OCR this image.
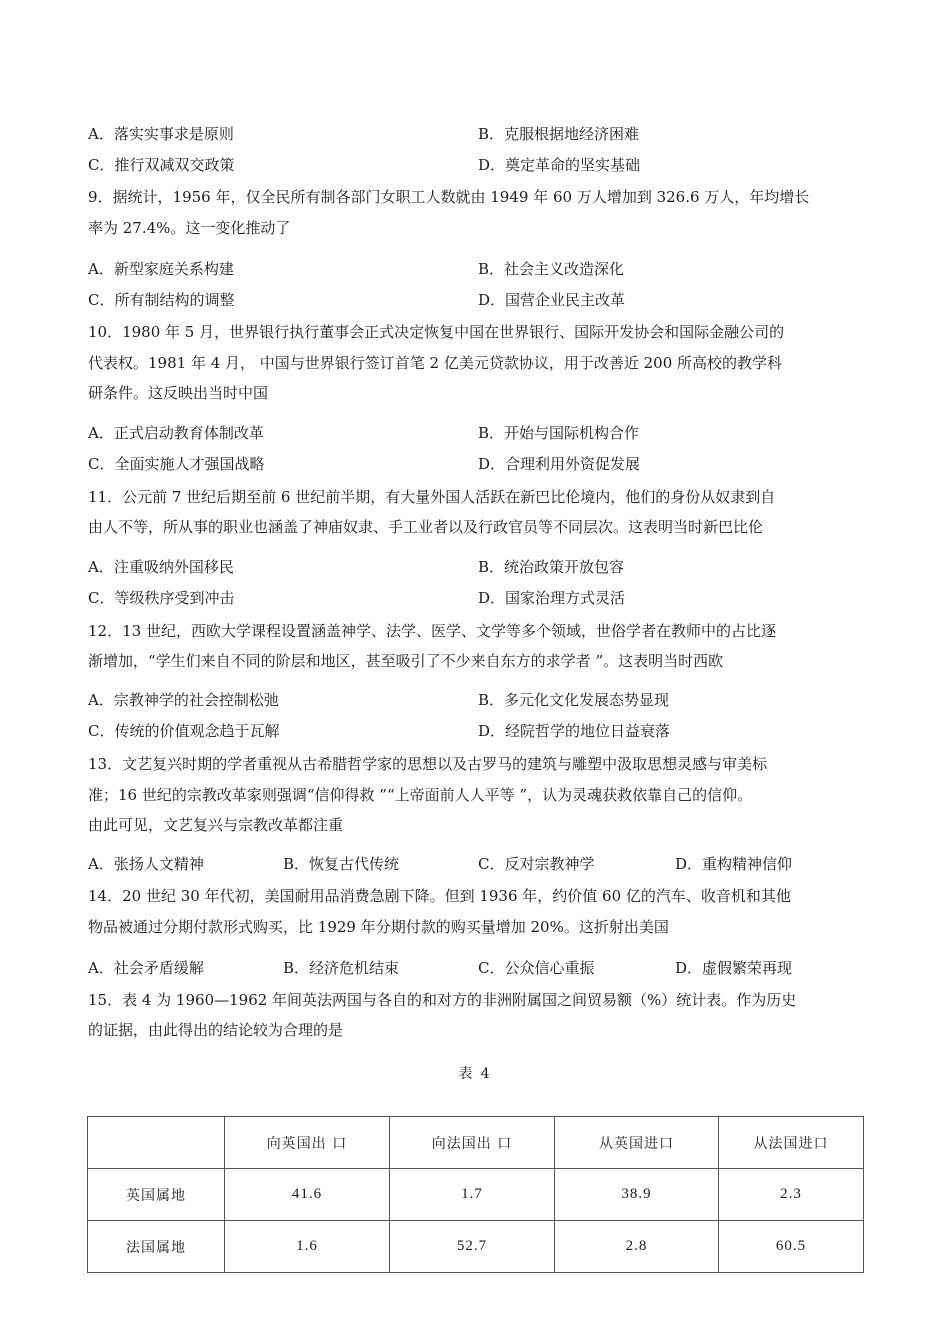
A．落实实事求是原则	B．克服根据地经济困难
C．推行双减双交政策	D．奠定革命的坚实基础
9．据统计，1956 年，仅全民所有制各部门女职工人数就由 1949 年 60 万人增加到 326.6 万人，年均增长
率为 27.4%。这一变化推动了
A．新型家庭关系构建	B．社会主义改造深化
C．所有制结构的调整	D．国营企业民主改革
10．1980 年 5 月，世界银行执行董事会正式决定恢复中国在世界银行、国际开发协会和国际金融公司的
代表权。1981 年 4 月， 中国与世界银行签订首笔 2 亿美元贷款协议，用于改善近 200 所高校的教学科
研条件。这反映出当时中国
A．正式启动教育体制改革	B．开始与国际机构合作
C．全面实施人才强国战略	D．合理利用外资促发展
11．公元前 7 世纪后期至前 6 世纪前半期，有大量外国人活跃在新巴比伦境内，他们的身份从奴隶到自
由人不等，所从事的职业也涵盖了神庙奴隶、手工业者以及行政官员等不同层次。这表明当时新巴比伦
A．注重吸纳外国移民	B．统治政策开放包容
C．等级秩序受到冲击	D．国家治理方式灵活
12．13 世纪，西欧大学课程设置涵盖神学、法学、医学、文学等多个领域，世俗学者在教师中的占比逐
渐增加，“学生们来自不同的阶层和地区，甚至吸引了不少来自东方的求学者 ”。这表明当时西欧
A．宗教神学的社会控制松弛	B．多元化文化发展态势显现
C．传统的价值观念趋于瓦解	D．经院哲学的地位日益衰落
13．文艺复兴时期的学者重视从古希腊哲学家的思想以及古罗马的建筑与雕塑中汲取思想灵感与审美标
准；16 世纪的宗教改革家则强调“信仰得救 ”“上帝面前人人平等 ”，认为灵魂获救依靠自己的信仰。
由此可见，文艺复兴与宗教改革都注重
A．张扬人文精神	B．恢复古代传统	C．反对宗教神学	D．重构精神信仰
14．20 世纪 30 年代初，美国耐用品消费急剧下降。但到 1936 年，约价值 60 亿的汽车、收音机和其他
物品被通过分期付款形式购买，比 1929 年分期付款的购买量增加 20%。这折射出美国
A．社会矛盾缓解	B．经济危机结束	C．公众信心重振	D．虚假繁荣再现
15．表 4 为 1960—1962 年间英法两国与各自的和对方的非洲附属国之间贸易额（%）统计表。作为历史
的证据，由此得出的结论较为合理的是
表 4
	向英国出 口	向法国出 口	从英国进口	从法国进口
英国属地	41.6	1.7	38.9	2.3
法国属地	1.6	52.7	2.8	60.5
